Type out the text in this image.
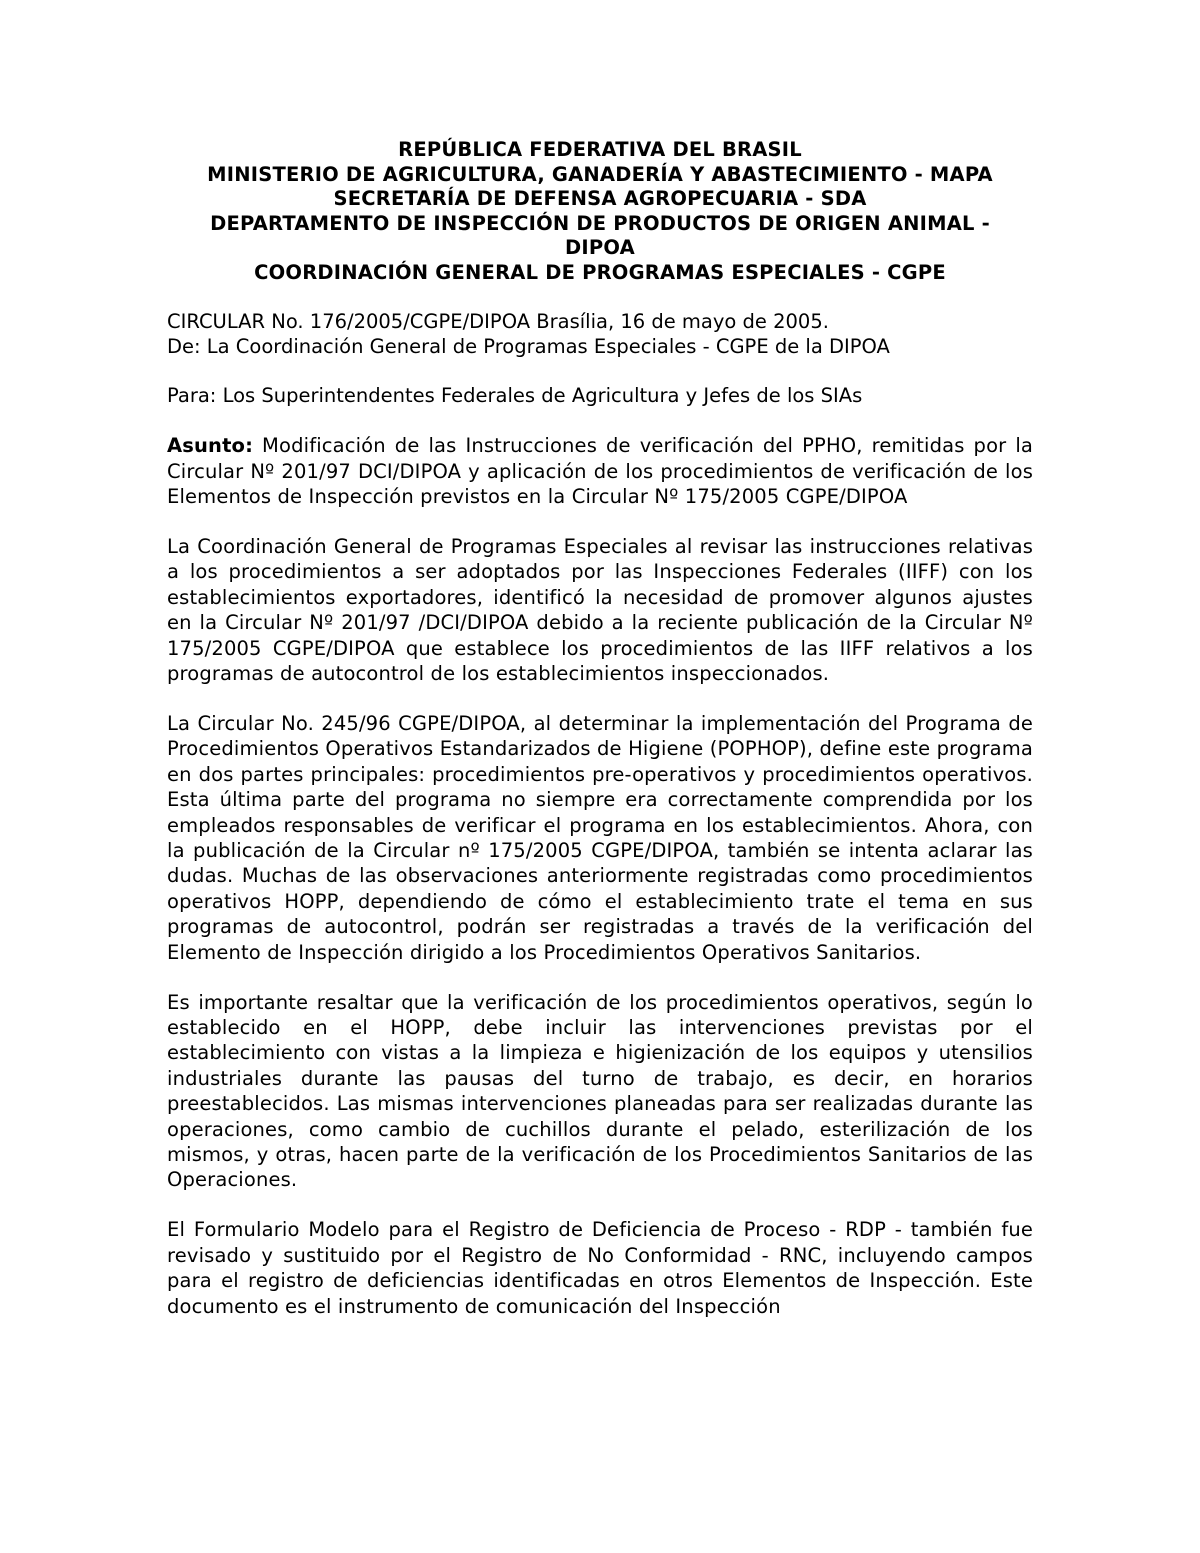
REPÚBLICA FEDERATIVA DEL BRASIL
MINISTERIO DE AGRICULTURA, GANADERÍA Y ABASTECIMIENTO - MAPA
SECRETARÍA DE DEFENSA AGROPECUARIA - SDA
DEPARTAMENTO DE INSPECCIÓN DE PRODUCTOS DE ORIGEN ANIMAL -
DIPOA
COORDINACIÓN GENERAL DE PROGRAMAS ESPECIALES - CGPE
CIRCULAR No. 176/2005/CGPE/DIPOA Brasília, 16 de mayo de 2005.
De: La Coordinación General de Programas Especiales - CGPE de la DIPOA
Para: Los Superintendentes Federales de Agricultura y Jefes de los SIAs

Asunto: Modificación de las Instrucciones de verificación del PPHO, remitidas por la Circular Nº 201/97 DCI/DIPOA y aplicación de los procedimientos de verificación de los Elementos de Inspección previstos en la Circular Nº 175/2005 CGPE/DIPOA

La Coordinación General de Programas Especiales al revisar las instrucciones relativas a los procedimientos a ser adoptados por las Inspecciones Federales (IIFF) con los establecimientos exportadores, identificó la necesidad de promover algunos ajustes en la Circular Nº 201/97 /DCI/DIPOA debido a la reciente publicación de la Circular Nº 175/2005 CGPE/DIPOA que establece los procedimientos de las IIFF relativos a los programas de autocontrol de los establecimientos inspeccionados.

La Circular No. 245/96 CGPE/DIPOA, al determinar la implementación del Programa de Procedimientos Operativos Estandarizados de Higiene (POPHOP), define este programa en dos partes principales: procedimientos pre-operativos y procedimientos operativos. Esta última parte del programa no siempre era correctamente comprendida por los empleados responsables de verificar el programa en los establecimientos. Ahora, con la publicación de la Circular nº 175/2005 CGPE/DIPOA, también se intenta aclarar las dudas. Muchas de las observaciones anteriormente registradas como procedimientos operativos HOPP, dependiendo de cómo el establecimiento trate el tema en sus programas de autocontrol, podrán ser registradas a través de la verificación del Elemento de Inspección dirigido a los Procedimientos Operativos Sanitarios.

Es importante resaltar que la verificación de los procedimientos operativos, según lo establecido en el HOPP, debe incluir las intervenciones previstas por el establecimiento con vistas a la limpieza e higienización de los equipos y utensilios industriales durante las pausas del turno de trabajo, es decir, en horarios preestablecidos. Las mismas intervenciones planeadas para ser realizadas durante las operaciones, como cambio de cuchillos durante el pelado, esterilización de los mismos, y otras, hacen parte de la verificación de los Procedimientos Sanitarios de las Operaciones.

El Formulario Modelo para el Registro de Deficiencia de Proceso - RDP - también fue revisado y sustituido por el Registro de No Conformidad - RNC, incluyendo campos para el registro de deficiencias identificadas en otros Elementos de Inspección. Este documento es el instrumento de comunicación del Inspección
